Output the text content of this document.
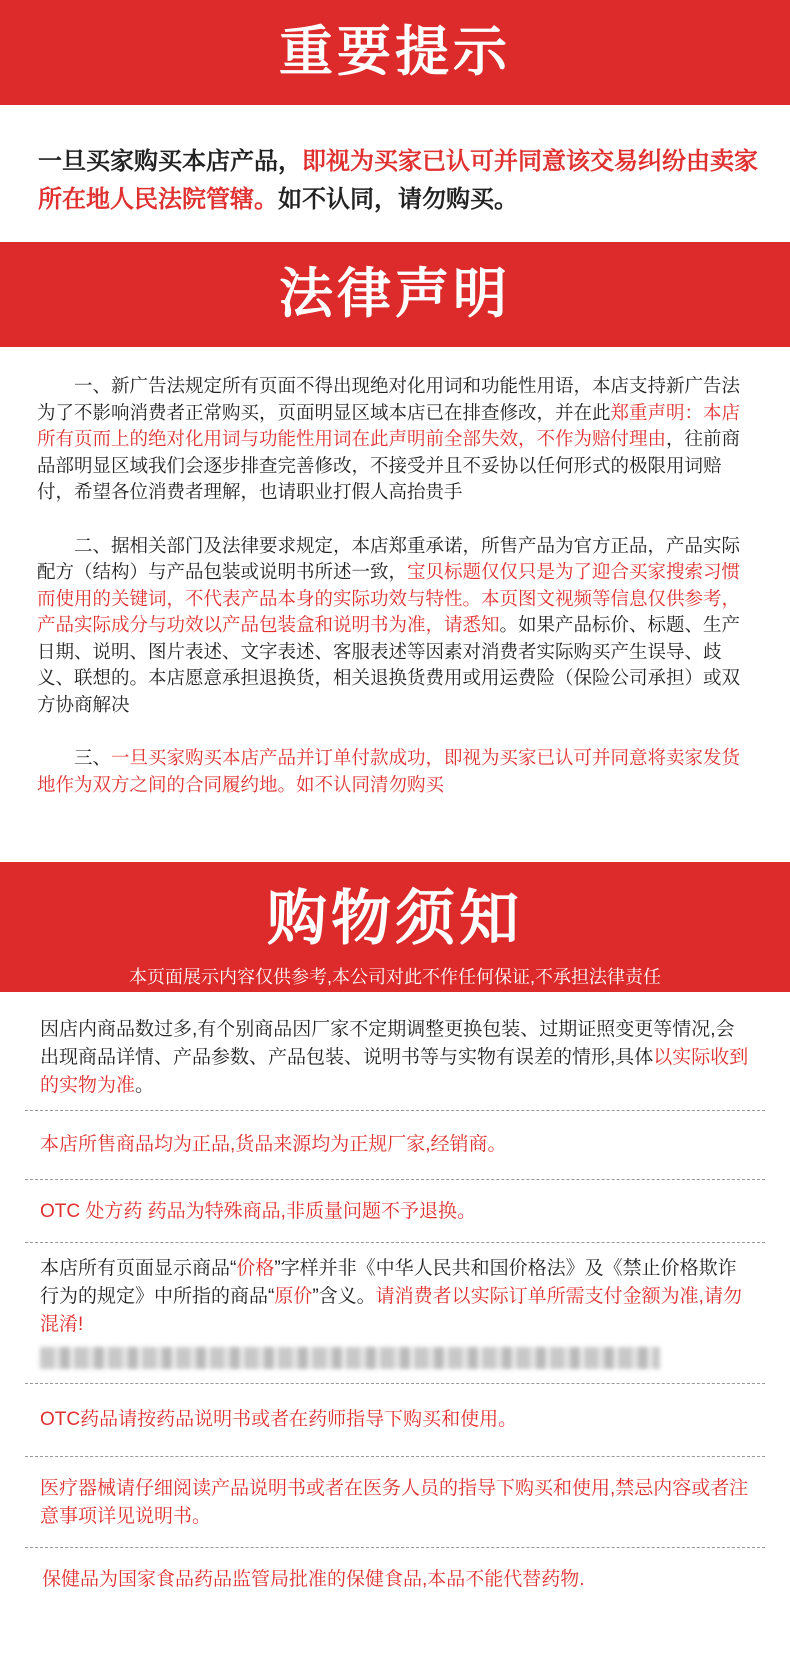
重要提示
一旦买家购买本店产品，即视为买家已认可并同意该交易纠纷由卖家所在地人民法院管辖。如不认同，请勿购买。
法律声明

一、新广告法规定所有页面不得出现绝对化用词和功能性用语，本店支持新广告法为了不影响消费者正常购买，页面明显区域本店已在排查修改，并在此郑重声明：本店所有页而上的绝对化用词与功能性用词在此声明前全部失效，不作为赔付理由，往前商品部明显区域我们会逐步排查完善修改，不接受并且不妥协以任何形式的极限用词赔付，希望各位消费者理解，也请职业打假人高抬贵手

二、据相关部门及法律要求规定，本店郑重承诺，所售产品为官方正品，产品实际配方（结构）与产品包装或说明书所述一致，宝贝标题仅仅只是为了迎合买家搜索习惯而使用的关键词，不代表产品本身的实际功效与特性。本页图文视频等信息仅供参考，产品实际成分与功效以产品包装盒和说明书为准，请悉知。如果产品标价、标题、生产日期、说明、图片表述、文字表述、客服表述等因素对消费者实际购买产生误导、歧义、联想的。本店愿意承担退换货，相关退换货费用或用运费险（保险公司承担）或双方协商解决

三、一旦买家购买本店产品并订单付款成功，即视为买家已认可并同意将卖家发货地作为双方之间的合同履约地。如不认同清勿购买

购物须知
本页面展示内容仅供参考,本公司对此不作任何保证,不承担法律责任
因店内商品数过多,有个别商品因厂家不定期调整更换包装、过期证照变更等情况,会出现商品详情、产品参数、产品包装、说明书等与实物有误差的情形,具体以实际收到的实物为准。
本店所售商品均为正品,货品来源均为正规厂家,经销商。
OTC 处方药 药品为特殊商品,非质量问题不予退换。
本店所有页面显示商品“价格”字样并非《中华人民共和国价格法》及《禁止价格欺诈行为的规定》中所指的商品“原价”含义。请消费者以实际订单所需支付金额为准,请勿混淆!
OTC药品请按药品说明书或者在药师指导下购买和使用。
医疗器械请仔细阅读产品说明书或者在医务人员的指导下购买和使用,禁忌内容或者注意事项详见说明书。
保健品为国家食品药品监管局批准的保健食品,本品不能代替药物.
